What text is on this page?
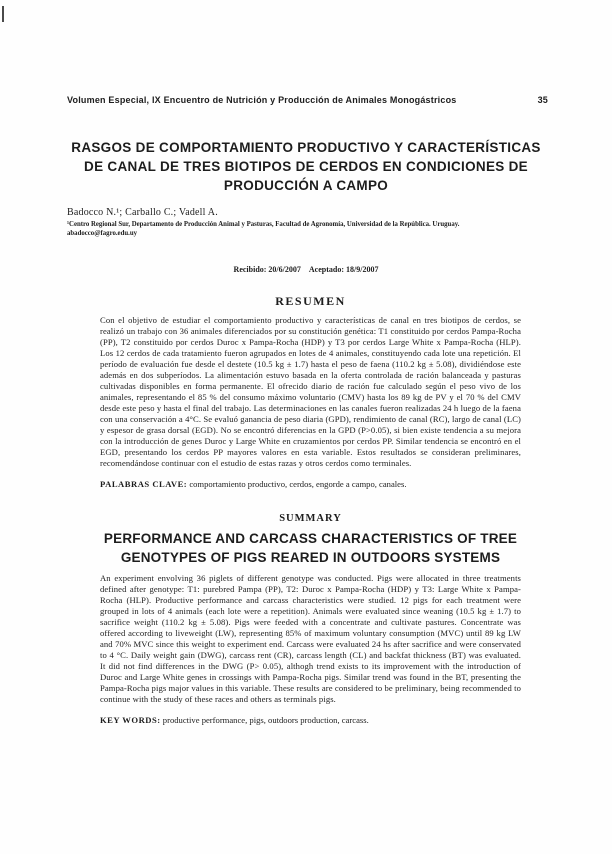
Volumen Especial, IX Encuentro de Nutrición y Producción de Animales Monogástricos	35
RASGOS DE COMPORTAMIENTO PRODUCTIVO Y CARACTERÍSTICAS DE CANAL DE TRES BIOTIPOS DE CERDOS EN CONDICIONES DE PRODUCCIÓN A CAMPO
Badocco N.¹; Carballo C.; Vadell A.
¹Centro Regional Sur, Departamento de Producción Animal y Pasturas, Facultad de Agronomía, Universidad de la República. Uruguay.
abadocco@fagro.edu.uy
Recibido: 20/6/2007 Aceptado: 18/9/2007
RESUMEN
Con el objetivo de estudiar el comportamiento productivo y características de canal en tres biotipos de cerdos, se realizó un trabajo con 36 animales diferenciados por su constitución genética: T1 constituido por cerdos Pampa-Rocha (PP), T2 constituido por cerdos Duroc x Pampa-Rocha (HDP) y T3 por cerdos Large White x Pampa-Rocha (HLP). Los 12 cerdos de cada tratamiento fueron agrupados en lotes de 4 animales, constituyendo cada lote una repetición. El período de evaluación fue desde el destete (10.5 kg ± 1.7) hasta el peso de faena (110.2 kg ± 5.08), dividiéndose este además en dos subperíodos. La alimentación estuvo basada en la oferta controlada de ración balanceada y pasturas cultivadas disponibles en forma permanente. El ofrecido diario de ración fue calculado según el peso vivo de los animales, representando el 85 % del consumo máximo voluntario (CMV) hasta los 89 kg de PV y el 70 % del CMV desde este peso y hasta el final del trabajo. Las determinaciones en las canales fueron realizadas 24 h luego de la faena con una conservación a 4°C. Se evaluó ganancia de peso diaria (GPD), rendimiento de canal (RC), largo de canal (LC) y espesor de grasa dorsal (EGD). No se encontró diferencias en la GPD (P>0.05), si bien existe tendencia a su mejora con la introducción de genes Duroc y Large White en cruzamientos por cerdos PP. Similar tendencia se encontró en el EGD, presentando los cerdos PP mayores valores en esta variable. Estos resultados se consideran preliminares, recomendándose continuar con el estudio de estas razas y otros cerdos como terminales.
PALABRAS CLAVE: comportamiento productivo, cerdos, engorde a campo, canales.
SUMMARY
PERFORMANCE AND CARCASS CHARACTERISTICS OF TREE GENOTYPES OF PIGS REARED IN OUTDOORS SYSTEMS
An experiment envolving 36 piglets of different genotype was conducted. Pigs were allocated in three treatments defined after genotype: T1: purebred Pampa (PP), T2: Duroc x Pampa-Rocha (HDP) y T3: Large White x Pampa-Rocha (HLP). Productive performance and carcass characteristics were studied. 12 pigs for each treatment were grouped in lots of 4 animals (each lote were a repetition). Animals were evaluated since weaning (10.5 kg ± 1.7) to sacrifice weight (110.2 kg ± 5.08). Pigs were feeded with a concentrate and cultivate pastures. Concentrate was offered according to liveweight (LW), representing 85% of maximum voluntary consumption (MVC) until 89 kg LW and 70% MVC since this weight to experiment end. Carcass were evaluated 24 hs after sacrifice and were conservated to 4 °C. Daily weight gain (DWG), carcass rent (CR), carcass length (CL) and backfat thickness (BT) was evaluated. It did not find differences in the DWG (P> 0.05), althogh trend exists to its improvement with the introduction of Duroc and Large White genes in crossings with Pampa-Rocha pigs. Similar trend was found in the BT, presenting the Pampa-Rocha pigs major values in this variable. These results are considered to be preliminary, being recommended to continue with the study of these races and others as terminals pigs.
KEY WORDS: productive performance, pigs, outdoors production, carcass.
